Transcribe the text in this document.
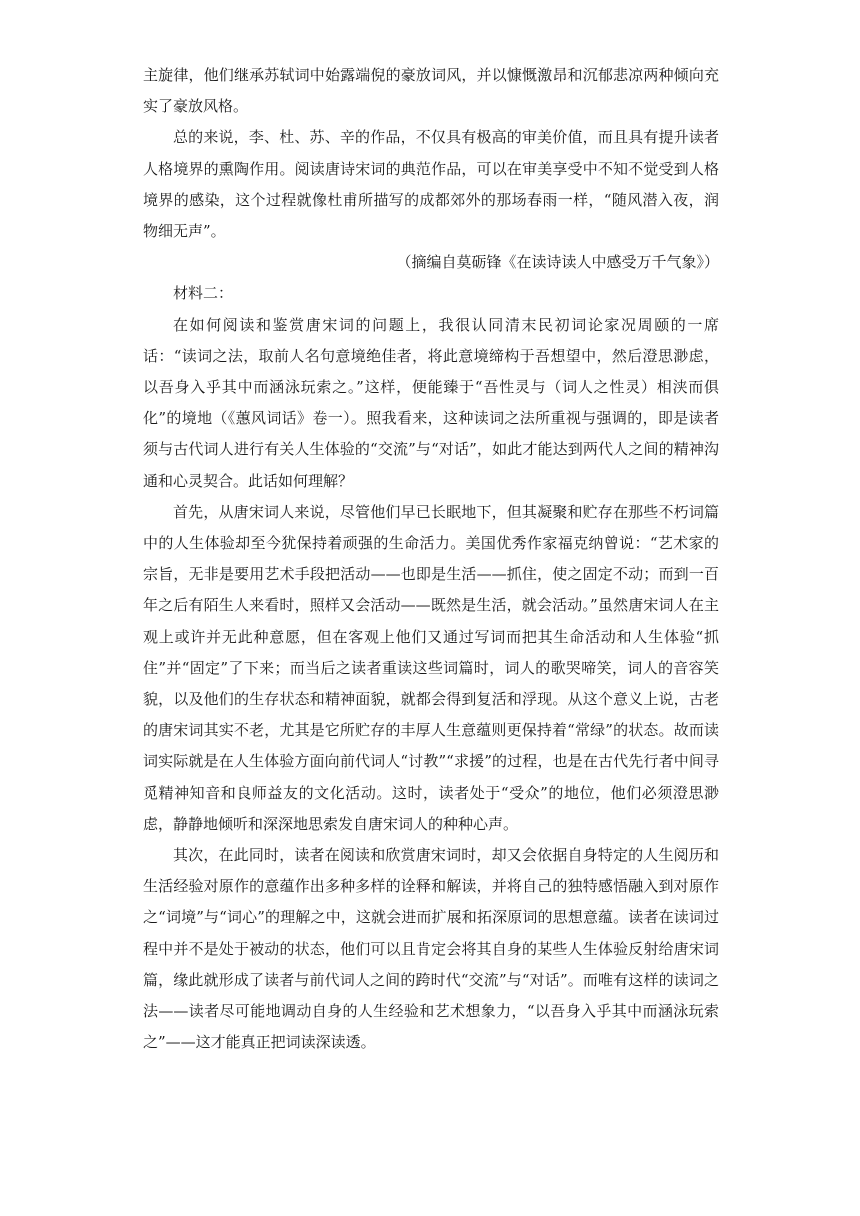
主旋律，他们继承苏轼词中始露端倪的豪放词风，并以慷慨激昂和沉郁悲凉两种倾向充实了豪放风格。

总的来说，李、杜、苏、辛的作品，不仅具有极高的审美价值，而且具有提升读者人格境界的熏陶作用。阅读唐诗宋词的典范作品，可以在审美享受中不知不觉受到人格境界的感染，这个过程就像杜甫所描写的成都郊外的那场春雨一样，“随风潜入夜，润物细无声”。

（摘编自莫砺锋《在读诗读人中感受万千气象》）

材料二：

在如何阅读和鉴赏唐宋词的问题上，我很认同清末民初词论家况周颐的一席话：“读词之法，取前人名句意境绝佳者，将此意境缔构于吾想望中，然后澄思渺虑，以吾身入乎其中而涵泳玩索之。”这样，便能臻于“吾性灵与（词人之性灵）相浃而俱化”的境地（《蕙风词话》卷一）。照我看来，这种读词之法所重视与强调的，即是读者须与古代词人进行有关人生体验的“交流”与“对话”，如此才能达到两代人之间的精神沟通和心灵契合。此话如何理解？

首先，从唐宋词人来说，尽管他们早已长眠地下，但其凝聚和贮存在那些不朽词篇中的人生体验却至今犹保持着顽强的生命活力。美国优秀作家福克纳曾说：“艺术家的宗旨，无非是要用艺术手段把活动——也即是生活——抓住，使之固定不动；而到一百年之后有陌生人来看时，照样又会活动——既然是生活，就会活动。”虽然唐宋词人在主观上或许并无此种意愿，但在客观上他们又通过写词而把其生命活动和人生体验“抓住”并“固定”了下来；而当后之读者重读这些词篇时，词人的歌哭啼笑，词人的音容笑貌，以及他们的生存状态和精神面貌，就都会得到复活和浮现。从这个意义上说，古老的唐宋词其实不老，尤其是它所贮存的丰厚人生意蕴则更保持着“常绿”的状态。故而读词实际就是在人生体验方面向前代词人“讨教”“求援”的过程，也是在古代先行者中间寻觅精神知音和良师益友的文化活动。这时，读者处于“受众”的地位，他们必须澄思渺虑，静静地倾听和深深地思索发自唐宋词人的种种心声。

其次，在此同时，读者在阅读和欣赏唐宋词时，却又会依据自身特定的人生阅历和生活经验对原作的意蕴作出多种多样的诠释和解读，并将自己的独特感悟融入到对原作之“词境”与“词心”的理解之中，这就会进而扩展和拓深原词的思想意蕴。读者在读词过程中并不是处于被动的状态，他们可以且肯定会将其自身的某些人生体验反射给唐宋词篇，缘此就形成了读者与前代词人之间的跨时代“交流”与“对话”。而唯有这样的读词之法——读者尽可能地调动自身的人生经验和艺术想象力，“以吾身入乎其中而涵泳玩索之”——这才能真正把词读深读透。
